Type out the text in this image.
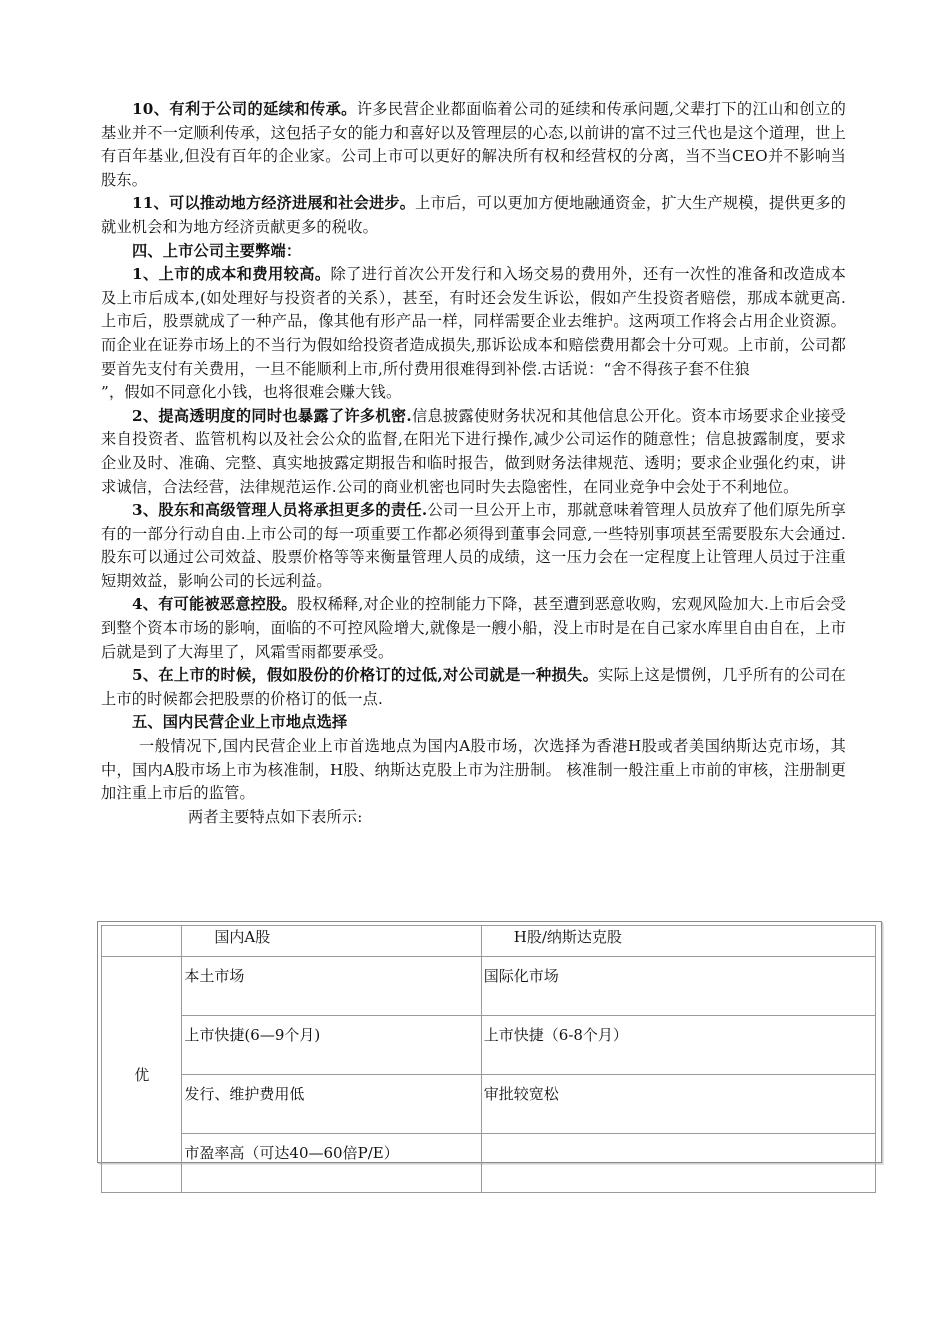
10、有利于公司的延续和传承。许多民营企业都面临着公司的延续和传承问题,父辈打下的江山和创立的基业并不一定顺利传承，这包括子女的能力和喜好以及管理层的心态,以前讲的富不过三代也是这个道理，世上有百年基业,但没有百年的企业家。公司上市可以更好的解决所有权和经营权的分离，当不当CEO并不影响当股东。

11、可以推动地方经济进展和社会进步。上市后，可以更加方便地融通资金，扩大生产规模，提供更多的就业机会和为地方经济贡献更多的税收。

四、上市公司主要弊端：

1、上市的成本和费用较高。除了进行首次公开发行和入场交易的费用外，还有一次性的准备和改造成本及上市后成本,(如处理好与投资者的关系），甚至，有时还会发生诉讼，假如产生投资者赔偿，那成本就更高.上市后，股票就成了一种产品，像其他有形产品一样，同样需要企业去维护。这两项工作将会占用企业资源。而企业在证券市场上的不当行为假如给投资者造成损失,那诉讼成本和赔偿费用都会十分可观。上市前，公司都要首先支付有关费用，一旦不能顺利上市,所付费用很难得到补偿.古话说：“舍不得孩子套不住狼

”，假如不同意化小钱，也将很难会赚大钱。

2、提高透明度的同时也暴露了许多机密.信息披露使财务状况和其他信息公开化。资本市场要求企业接受来自投资者、监管机构以及社会公众的监督,在阳光下进行操作,减少公司运作的随意性；信息披露制度，要求企业及时、准确、完整、真实地披露定期报告和临时报告，做到财务法律规范、透明；要求企业强化约束，讲求诚信，合法经营，法律规范运作.公司的商业机密也同时失去隐密性，在同业竞争中会处于不利地位。

3、股东和高级管理人员将承担更多的责任.公司一旦公开上市，那就意味着管理人员放弃了他们原先所享有的一部分行动自由.上市公司的每一项重要工作都必须得到董事会同意,一些特别事项甚至需要股东大会通过.股东可以通过公司效益、股票价格等等来衡量管理人员的成绩，这一压力会在一定程度上让管理人员过于注重短期效益，影响公司的长远利益。

4、有可能被恶意控股。股权稀释,对企业的控制能力下降，甚至遭到恶意收购，宏观风险加大.上市后会受到整个资本市场的影响，面临的不可控风险增大,就像是一艘小船，没上市时是在自己家水库里自由自在，上市后就是到了大海里了，风霜雪雨都要承受。

5、在上市的时候，假如股份的价格订的过低,对公司就是一种损失。实际上这是惯例，几乎所有的公司在上市的时候都会把股票的价格订的低一点.

五、国内民营企业上市地点选择

一般情况下,国内民营企业上市首选地点为国内A股市场，次选择为香港H股或者美国纳斯达克市场，其中，国内A股市场上市为核准制，H股、纳斯达克股上市为注册制。 核准制一般注重上市前的审核，注册制更加注重上市后的监管。

两者主要特点如下表所示:

	国内A股	H股/纳斯达克股
优	本土市场	国际化市场
	上市快捷(6—9个月)	上市快捷（6-8个月）
	发行、维护费用低	审批较宽松
	市盈率高（可达40—60倍P/E）	
